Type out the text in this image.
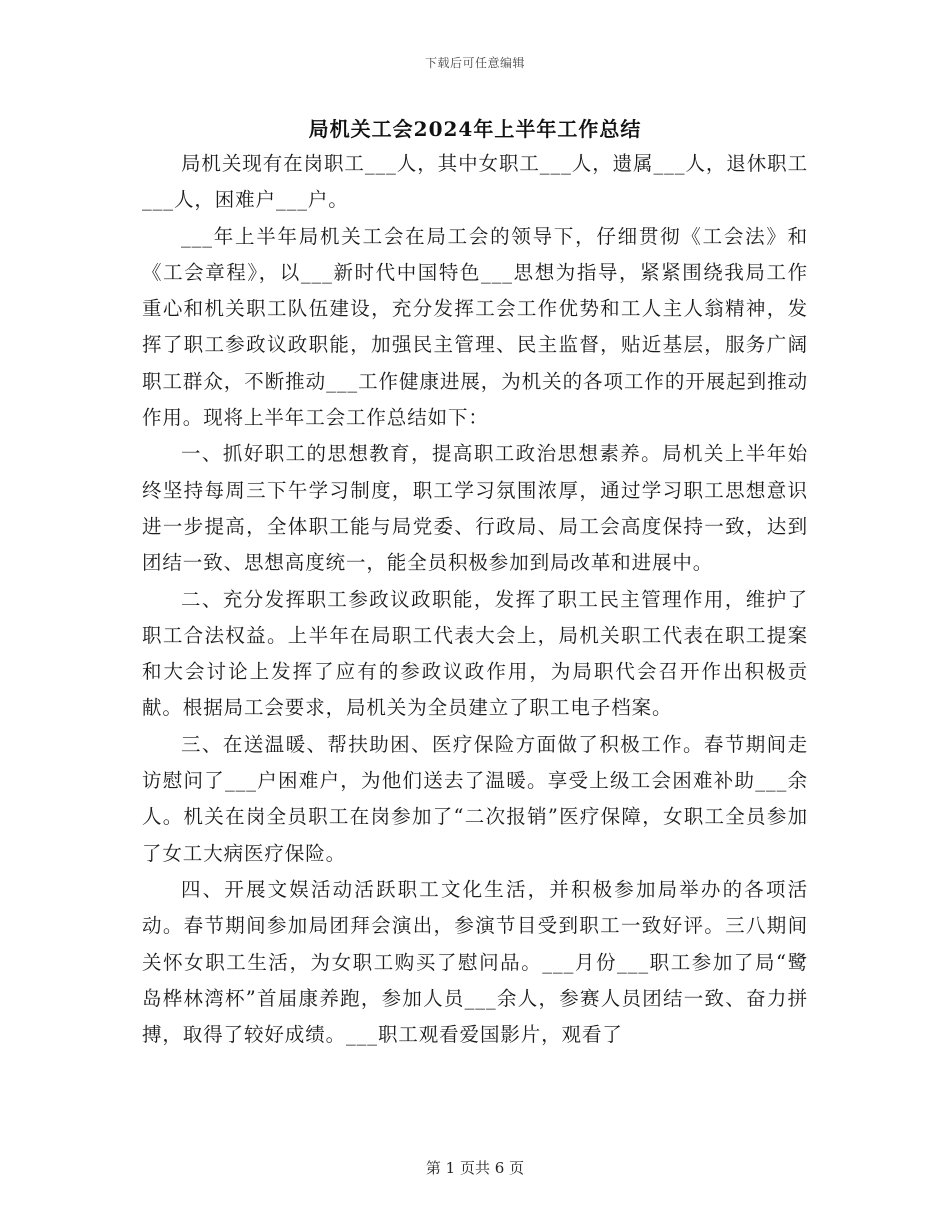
下载后可任意编辑
局机关工会2024年上半年工作总结

局机关现有在岗职工___人，其中女职工___人，遗属___人，退休职工___人，困难户___户。

___年上半年局机关工会在局工会的领导下，仔细贯彻《工会法》和《工会章程》，以___新时代中国特色___思想为指导，紧紧围绕我局工作重心和机关职工队伍建设，充分发挥工会工作优势和工人主人翁精神，发挥了职工参政议政职能，加强民主管理、民主监督，贴近基层，服务广阔职工群众，不断推动___工作健康进展，为机关的各项工作的开展起到推动作用。现将上半年工会工作总结如下：

一、抓好职工的思想教育，提高职工政治思想素养。局机关上半年始终坚持每周三下午学习制度，职工学习氛围浓厚，通过学习职工思想意识进一步提高，全体职工能与局党委、行政局、局工会高度保持一致，达到团结一致、思想高度统一，能全员积极参加到局改革和进展中。

二、充分发挥职工参政议政职能，发挥了职工民主管理作用，维护了职工合法权益。上半年在局职工代表大会上，局机关职工代表在职工提案和大会讨论上发挥了应有的参政议政作用，为局职代会召开作出积极贡献。根据局工会要求，局机关为全员建立了职工电子档案。

三、在送温暖、帮扶助困、医疗保险方面做了积极工作。春节期间走访慰问了___户困难户，为他们送去了温暖。享受上级工会困难补助___余人。机关在岗全员职工在岗参加了“二次报销”医疗保障，女职工全员参加了女工大病医疗保险。

四、开展文娱活动活跃职工文化生活，并积极参加局举办的各项活动。春节期间参加局团拜会演出，参演节目受到职工一致好评。三八期间关怀女职工生活，为女职工购买了慰问品。___月份___职工参加了局“鹭岛桦林湾杯”首届康养跑，参加人员___余人，参赛人员团结一致、奋力拼搏，取得了较好成绩。___职工观看爱国影片，观看了

第 1 页共 6 页
